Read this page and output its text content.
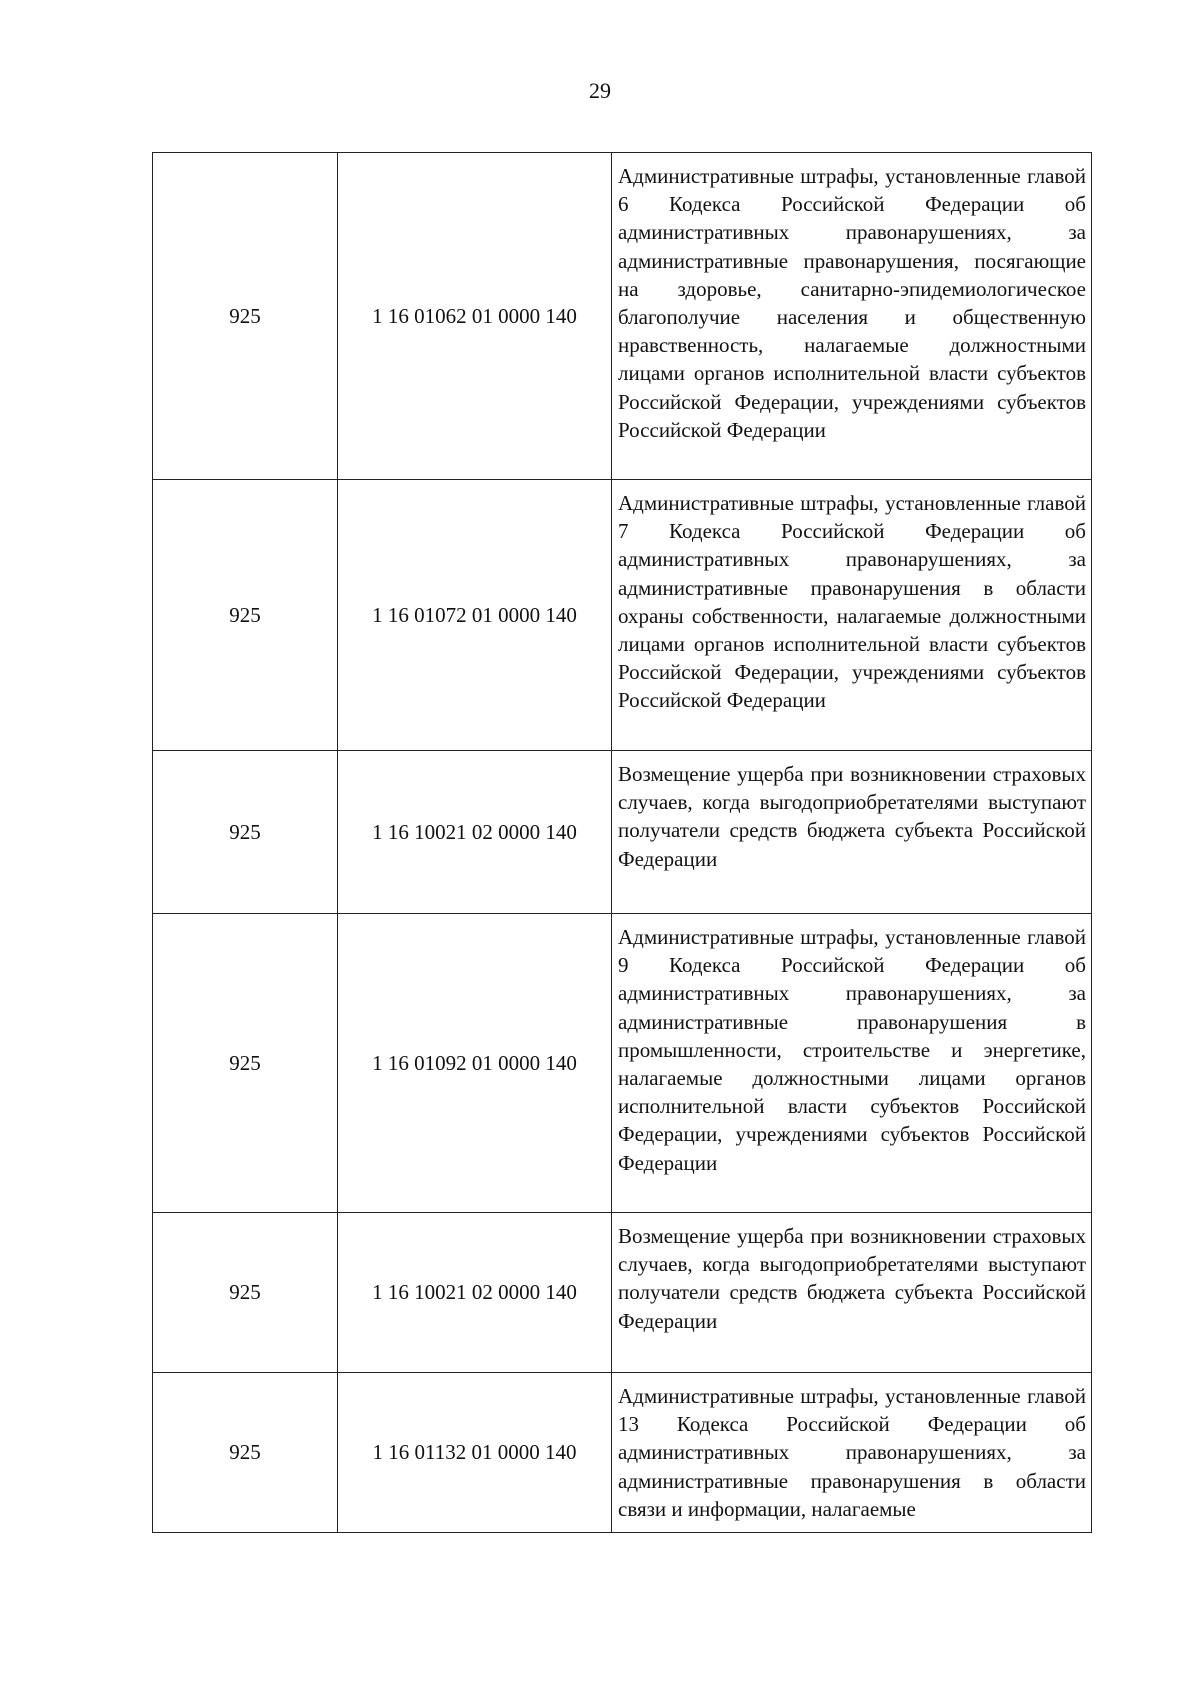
29
925	1 16 01062 01 0000 140	Административные штрафы, установленные главой 6 Кодекса Российской Федерации об административных правонарушениях, за административные правонарушения, посягающие на здоровье, санитарно-эпидемиологическое благополучие населения и общественную нравственность, налагаемые должностными лицами органов исполнительной власти субъектов Российской Федерации, учреждениями субъектов Российской Федерации

925	1 16 01072 01 0000 140	Административные штрафы, установленные главой 7 Кодекса Российской Федерации об административных правонарушениях, за административные правонарушения в области охраны собственности, налагаемые должностными лицами органов исполнительной власти субъектов Российской Федерации, учреждениями субъектов Российской Федерации

925	1 16 10021 02 0000 140	Возмещение ущерба при возникновении страховых случаев, когда выгодоприобретателями выступают получатели средств бюджета субъекта Российской Федерации

925	1 16 01092 01 0000 140	Административные штрафы, установленные главой 9 Кодекса Российской Федерации об административных правонарушениях, за административные правонарушения в промышленности, строительстве и энергетике, налагаемые должностными лицами органов исполнительной власти субъектов Российской Федерации, учреждениями субъектов Российской Федерации

925	1 16 10021 02 0000 140	Возмещение ущерба при возникновении страховых случаев, когда выгодоприобретателями выступают получатели средств бюджета субъекта Российской Федерации

925	1 16 01132 01 0000 140	Административные штрафы, установленные главой 13 Кодекса Российской Федерации об административных правонарушениях, за административные правонарушения в области связи и информации, налагаемые
